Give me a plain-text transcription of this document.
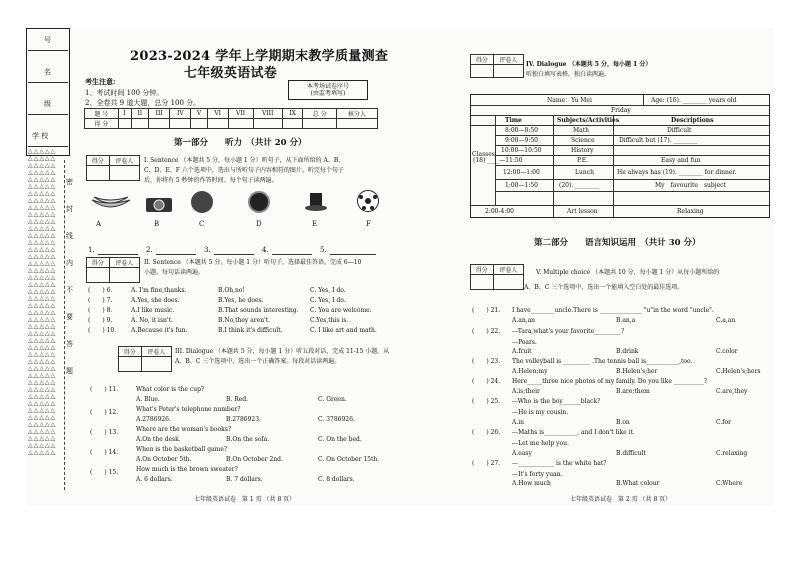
号
名
级
学 校
△△△△△
△△△△△
△△△△△
△△△△△
△△△△△
△△△△△
△△△△△
△△△△△
△△△△△
△△△△△
△△△△△
△△△△△
△△△△△
△△△△△
△△△△△
△△△△△
△△△△△
△△△△△
△△△△△
△△△△△
△△△△△
△△△△△
△△△△△
△△△△△
△△△△△
△△△△△
△△△△△
△△△△△
△△△△△
△△△△△
△△△△△
△△△△△
△△△△△
△△△△△
△△△△△
△△△△△
△△△△△
△△△△△
△△△△△
△△△△△
△△△△△
△△△△△
△△△△△
△△△△△
密
封
线
内
不
要
答
题
2023-2024 学年上学期期末教学质量测查
七年级英语试卷
考生注意:
1、考试时间 100 分钟。
2、全卷共 9 道大题，总分 100 分。
本考场试卷序号
(由监考填写)
题 号	I	II	III	IV	V	VI	VII	VIII	IX	总 分	核分人
得 分											
第一部分　　听力　（共计 20 分）
得分	评卷人
	I. Sentence （本题共 5 分，每小题 1 分）听句子，从下面所给的 A、B、
C、D、E、F 六个选项中，选出与所听句子内容相符的图片。听完每个句子
后，你将有 5 秒钟的作答时间。每个句子读两遍。
A	B	C	D	E	F
1.	2.	3.	4.	5.
得分	评卷人
	II. Sentence （本题共 5 分，每小题 1 分）听句子，选择最佳答语。完成 6—10
小题。每句话读两遍。
(　　) 6.	A. I'm fine,thanks.	B.Oh,no!	C. Yes, I do.
(　　) 7.	A.Yes, she does.	B.Yes, he does.	C. Yes, I do.
(　　) 8.	A.I like music.	B.That sounds interesting. C. You are welcome.
(　　) 9.	A. No, it isn't.	B.No,they aren't.	C.Yes,this is.
(　　) 10. A.Because it's fun.	B.I think it's difficult.	C. I like art and math.
得分	评卷人
	III. Dialogue （本题共 5 分，每小题 1 分）听五段对话，完成 11-15 小题。从
A、B、C 三个选项中，选出一个正确答案。每段对话读两遍。
(　　) 11.	What color is the cup?
A. Blue.	B. Red.	C. Green.
(　　) 12.	What's Peter's telephone number?
A.2786926.	B.2786923.	C. 3786926.
(　　) 13.	Where are the woman's books?
A.On the desk.	B.On the sofa.	C. On the bed.
(　　) 14.	When is the basketball game?
A.On October 5th.	B.On October 2nd.	C. On October 15th.
(　　) 15.	How much is the brown sweater?
A. 6 dollars.	B. 7 dollars.	C. 8 dollars.
七年级英语试卷　第 1 页 （共 8 页）
得分	评卷人

IV. Dialogue （本题共 5 分，每小题 1 分）
听独白填写表格，独白读两遍。
Name：Yu Mei	Age: (16). ________ years old
Friday
Time	Subjects/Activities	Descriptions
Classes
8:00—8:50	Math	Difficult
9:00—9:50	Science	Difficult but (17). ________
10:00—10:50	History
(18) ____—11:50	P.E.	Easy and fun
12:00—1:00	Lunch	He always has (19). ________ for dinner.
1:00—1:50	(20). ________	My　favourite　subject
2:00-4:00	Art lesson	Relaxing
第二部分　　语言知识运用　（共计 30 分）
得分	评卷人
		V. Multiple choice （本题共 10 分，每小题 1 分）从每小题所给的
A、B、C 三个选项中，选出一个能填入空白处的最佳选项。
(　　) 21. I have________uncle.There is ______________ "u"in the word "uncle".
A.an,an	B.an,a	C.a,an
(　　) 22. ---Tara,what's your favorite_________?
---Pears.
A.fruit	B.drink	C.color
(　　) 23. The volleyball is _________ .The tennis ball is___________,too.
A.Helen;my	B.Helen's;her	C.Helen's;hers
(　　) 24. Here_____three nice photos of my family. Do you like __________?
A.is;their	B.are;them	C.are,they
(　　) 25. ---Who is the boy______black?
---He is my cousin.
A.in	B.on	C.for
(　　) 26. ---Maths is___________, and I don't like it.
---Let me help you.
A.easy	B.difficult	C.relaxing
(　　) 27. ---____________ is the white hat?
---It's forty yuan.
A.How much	B.What colour	C.Where
七年级英语试卷　第 2 页 （共 8 页）
